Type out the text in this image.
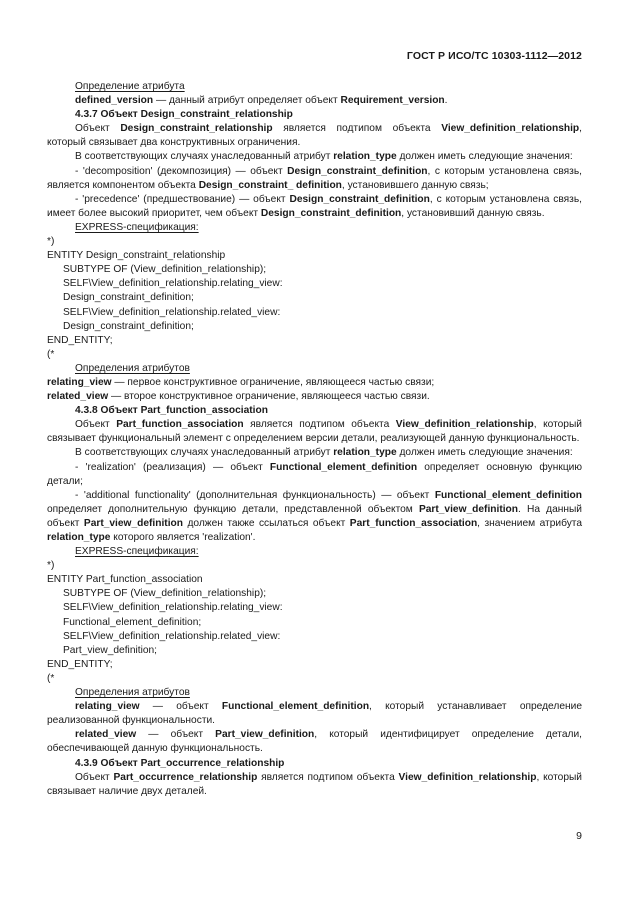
ГОСТ Р ИСО/ТС 10303-1112—2012

Определение атрибута

defined_version — данный атрибут определяет объект Requirement_version.

4.3.7 Объект Design_constraint_relationship

Объект Design_constraint_relationship является подтипом объекта View_definition_relationship, который связывает два конструктивных ограничения.

В соответствующих случаях унаследованный атрибут relation_type должен иметь следующие значения:

- 'decomposition' (декомпозиция) — объект Design_constraint_definition, с которым установлена связь, является компонентом объекта Design_constraint_ definition, установившего данную связь;

- 'precedence' (предшествование) — объект Design_constraint_definition, с которым установлена связь, имеет более высокий приоритет, чем объект Design_constraint_definition, установивший данную связь.

EXPRESS-спецификация:

*)

ENTITY Design_constraint_relationship

SUBTYPE OF (View_definition_relationship);

SELF\View_definition_relationship.relating_view:

Design_constraint_definition;

SELF\View_definition_relationship.related_view:

Design_constraint_definition;

END_ENTITY;

(*

Определения атрибутов

relating_view — первое конструктивное ограничение, являющееся частью связи;

related_view — второе конструктивное ограничение, являющееся частью связи.

4.3.8 Объект Part_function_association

Объект Part_function_association является подтипом объекта View_definition_relationship, который связывает функциональный элемент с определением версии детали, реализующей данную функциональность.

В соответствующих случаях унаследованный атрибут relation_type должен иметь следующие значения:

- 'realization' (реализация) — объект Functional_element_definition определяет основную функцию детали;

- 'additional functionality' (дополнительная функциональность) — объект Functional_element_definition определяет дополнительную функцию детали, представленной объектом Part_view_definition. На данный объект Part_view_definition должен также ссылаться объект Part_function_association, значением атрибута relation_type которого является 'realization'.

EXPRESS-спецификация:

*)

ENTITY Part_function_association

SUBTYPE OF (View_definition_relationship);

SELF\View_definition_relationship.relating_view:

Functional_element_definition;

SELF\View_definition_relationship.related_view:

Part_view_definition;

END_ENTITY;

(*

Определения атрибутов

relating_view — объект Functional_element_definition, который устанавливает определение реализованной функциональности.

related_view — объект Part_view_definition, который идентифицирует определение детали, обеспечивающей данную функциональность.

4.3.9 Объект Part_occurrence_relationship

Объект Part_occurrence_relationship является подтипом объекта View_definition_relationship, который связывает наличие двух деталей.

9
